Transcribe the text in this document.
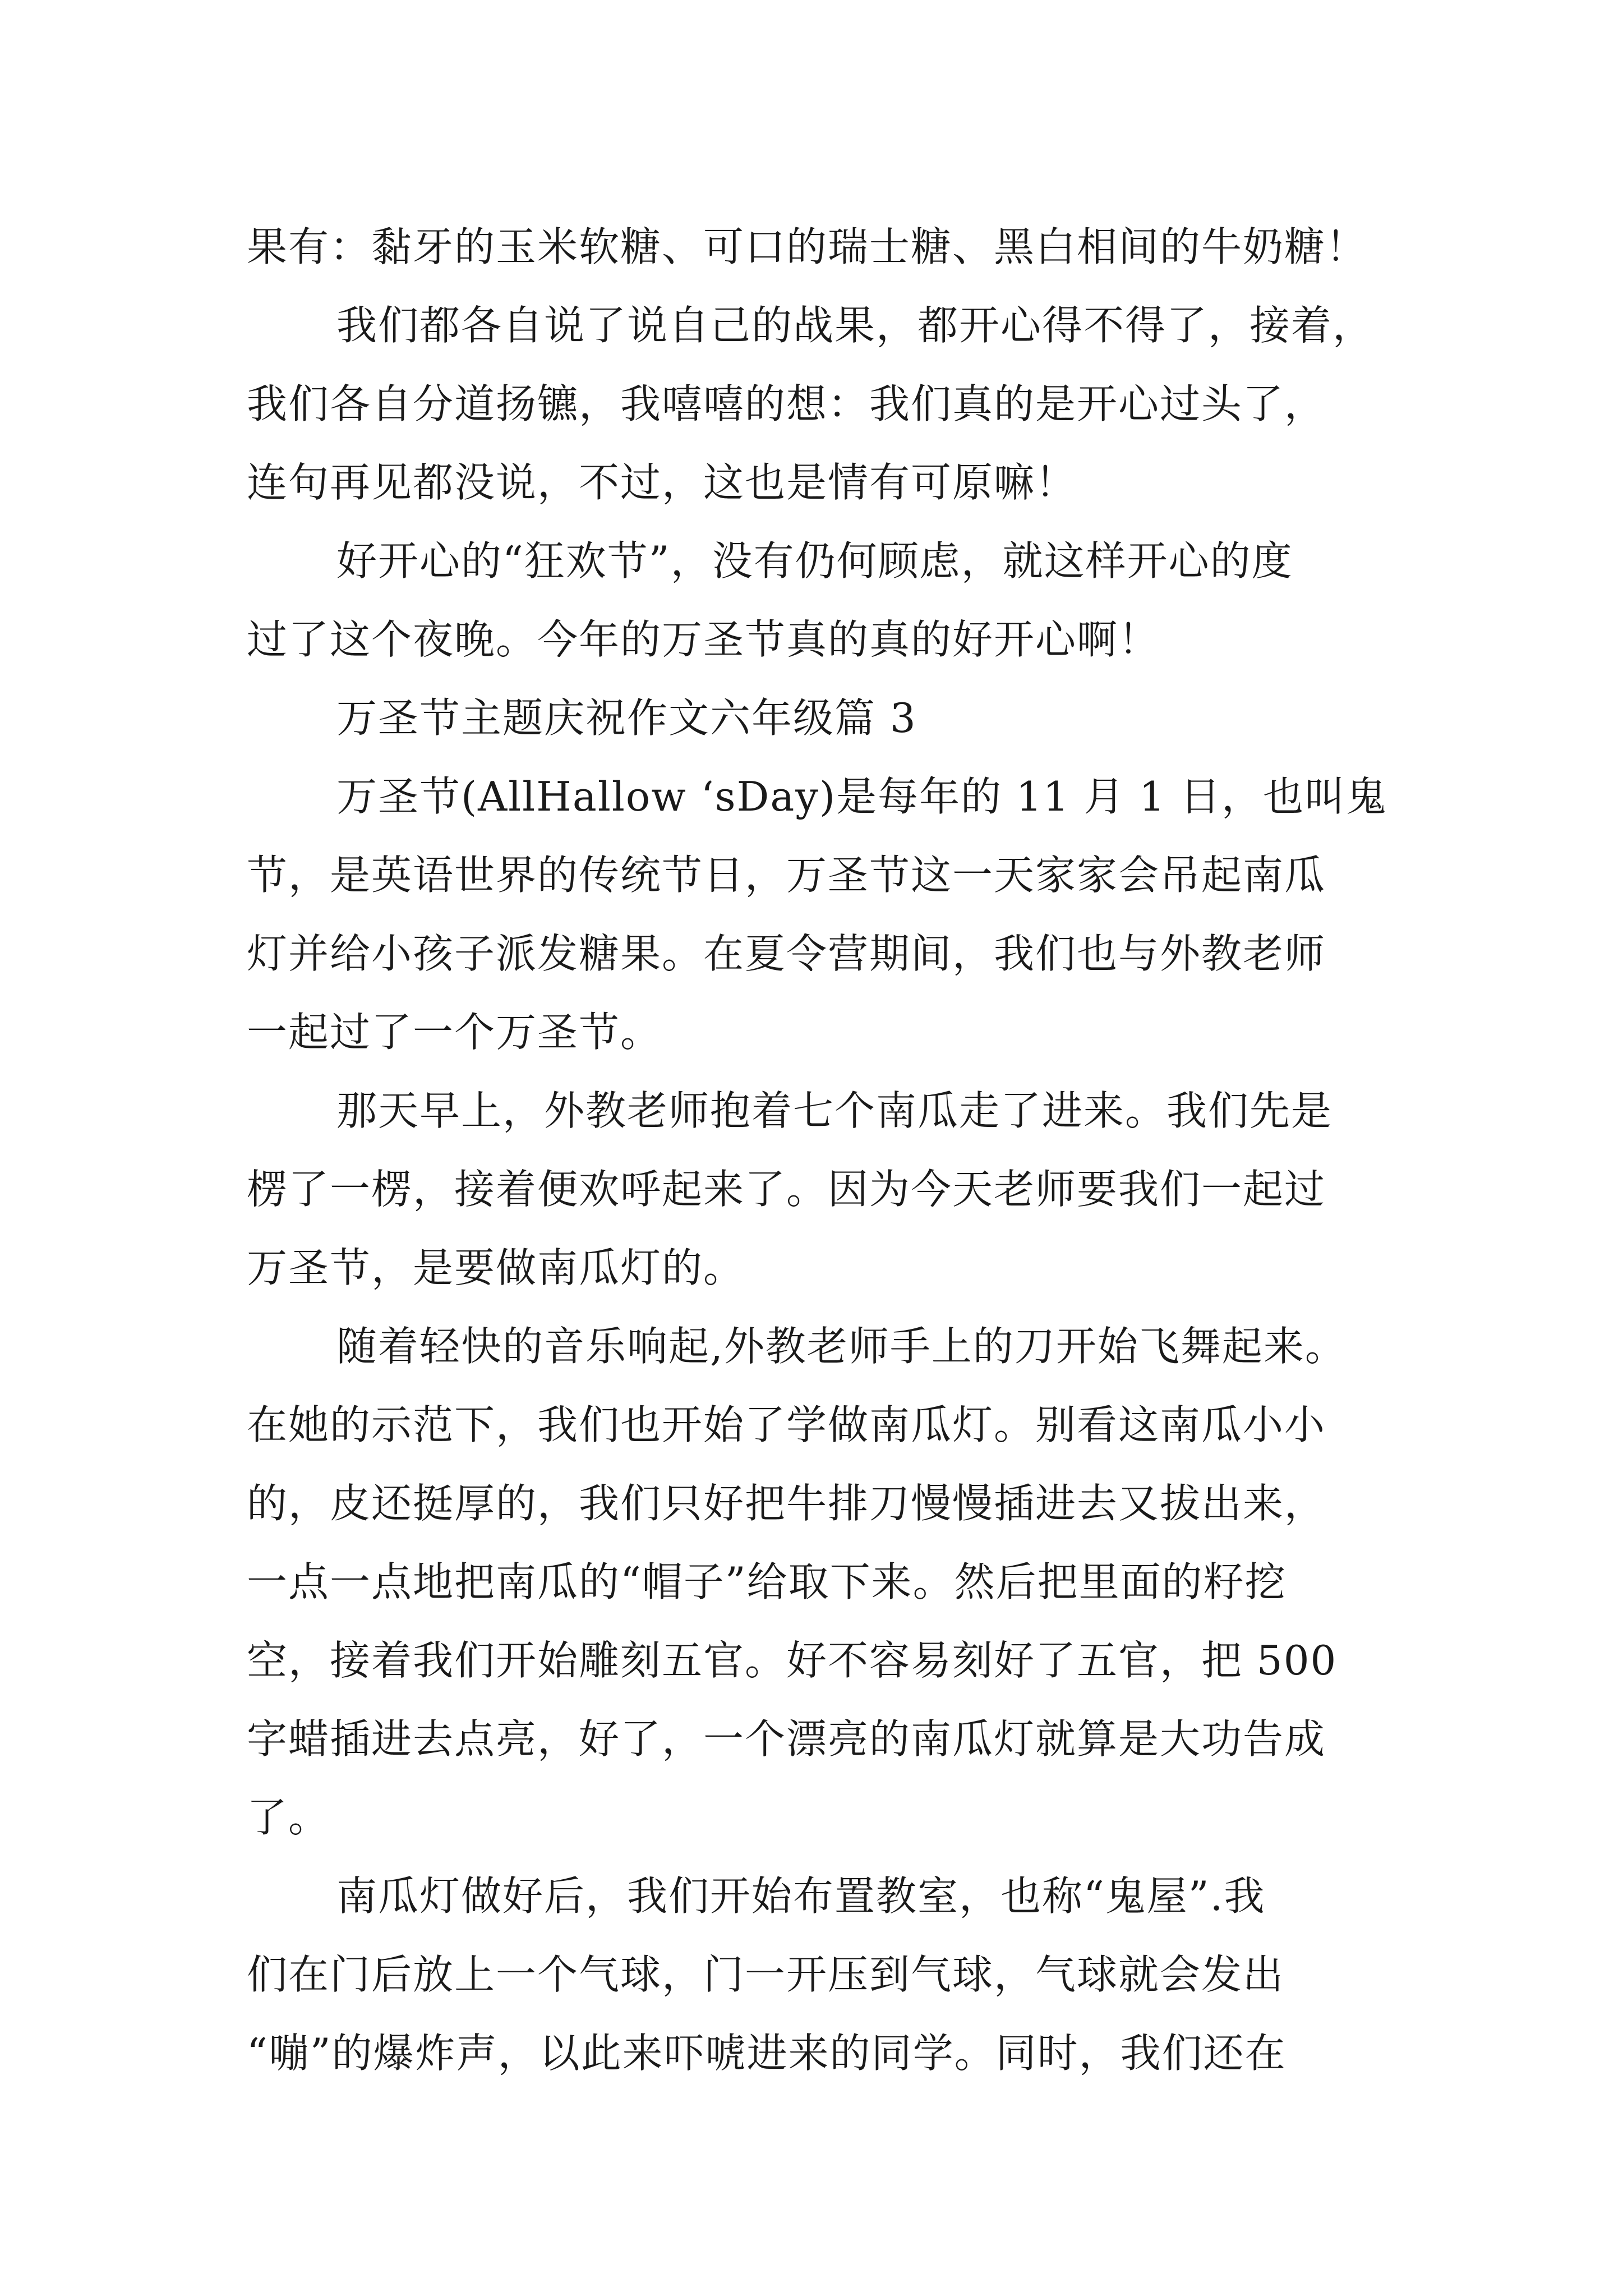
果有：黏牙的玉米软糖、可口的瑞士糖、黑白相间的牛奶糖！
我们都各自说了说自己的战果，都开心得不得了，接着，
我们各自分道扬镳，我嘻嘻的想：我们真的是开心过头了，
连句再见都没说，不过，这也是情有可原嘛！
好开心的“狂欢节”，没有仍何顾虑，就这样开心的度
过了这个夜晚。今年的万圣节真的真的好开心啊！
万圣节主题庆祝作文六年级篇 3
万圣节(AllHallow ‘sDay)是每年的 11 月 1 日，也叫鬼
节，是英语世界的传统节日，万圣节这一天家家会吊起南瓜
灯并给小孩子派发糖果。在夏令营期间，我们也与外教老师
一起过了一个万圣节。
那天早上，外教老师抱着七个南瓜走了进来。我们先是
楞了一楞，接着便欢呼起来了。因为今天老师要我们一起过
万圣节，是要做南瓜灯的。
随着轻快的音乐响起,外教老师手上的刀开始飞舞起来。
在她的示范下，我们也开始了学做南瓜灯。别看这南瓜小小
的，皮还挺厚的，我们只好把牛排刀慢慢插进去又拔出来，
一点一点地把南瓜的“帽子”给取下来。然后把里面的籽挖
空，接着我们开始雕刻五官。好不容易刻好了五官，把 500
字蜡插进去点亮，好了，一个漂亮的南瓜灯就算是大功告成
了。
南瓜灯做好后，我们开始布置教室，也称“鬼屋”.我
们在门后放上一个气球，门一开压到气球，气球就会发出
“嘣”的爆炸声，以此来吓唬进来的同学。同时，我们还在
